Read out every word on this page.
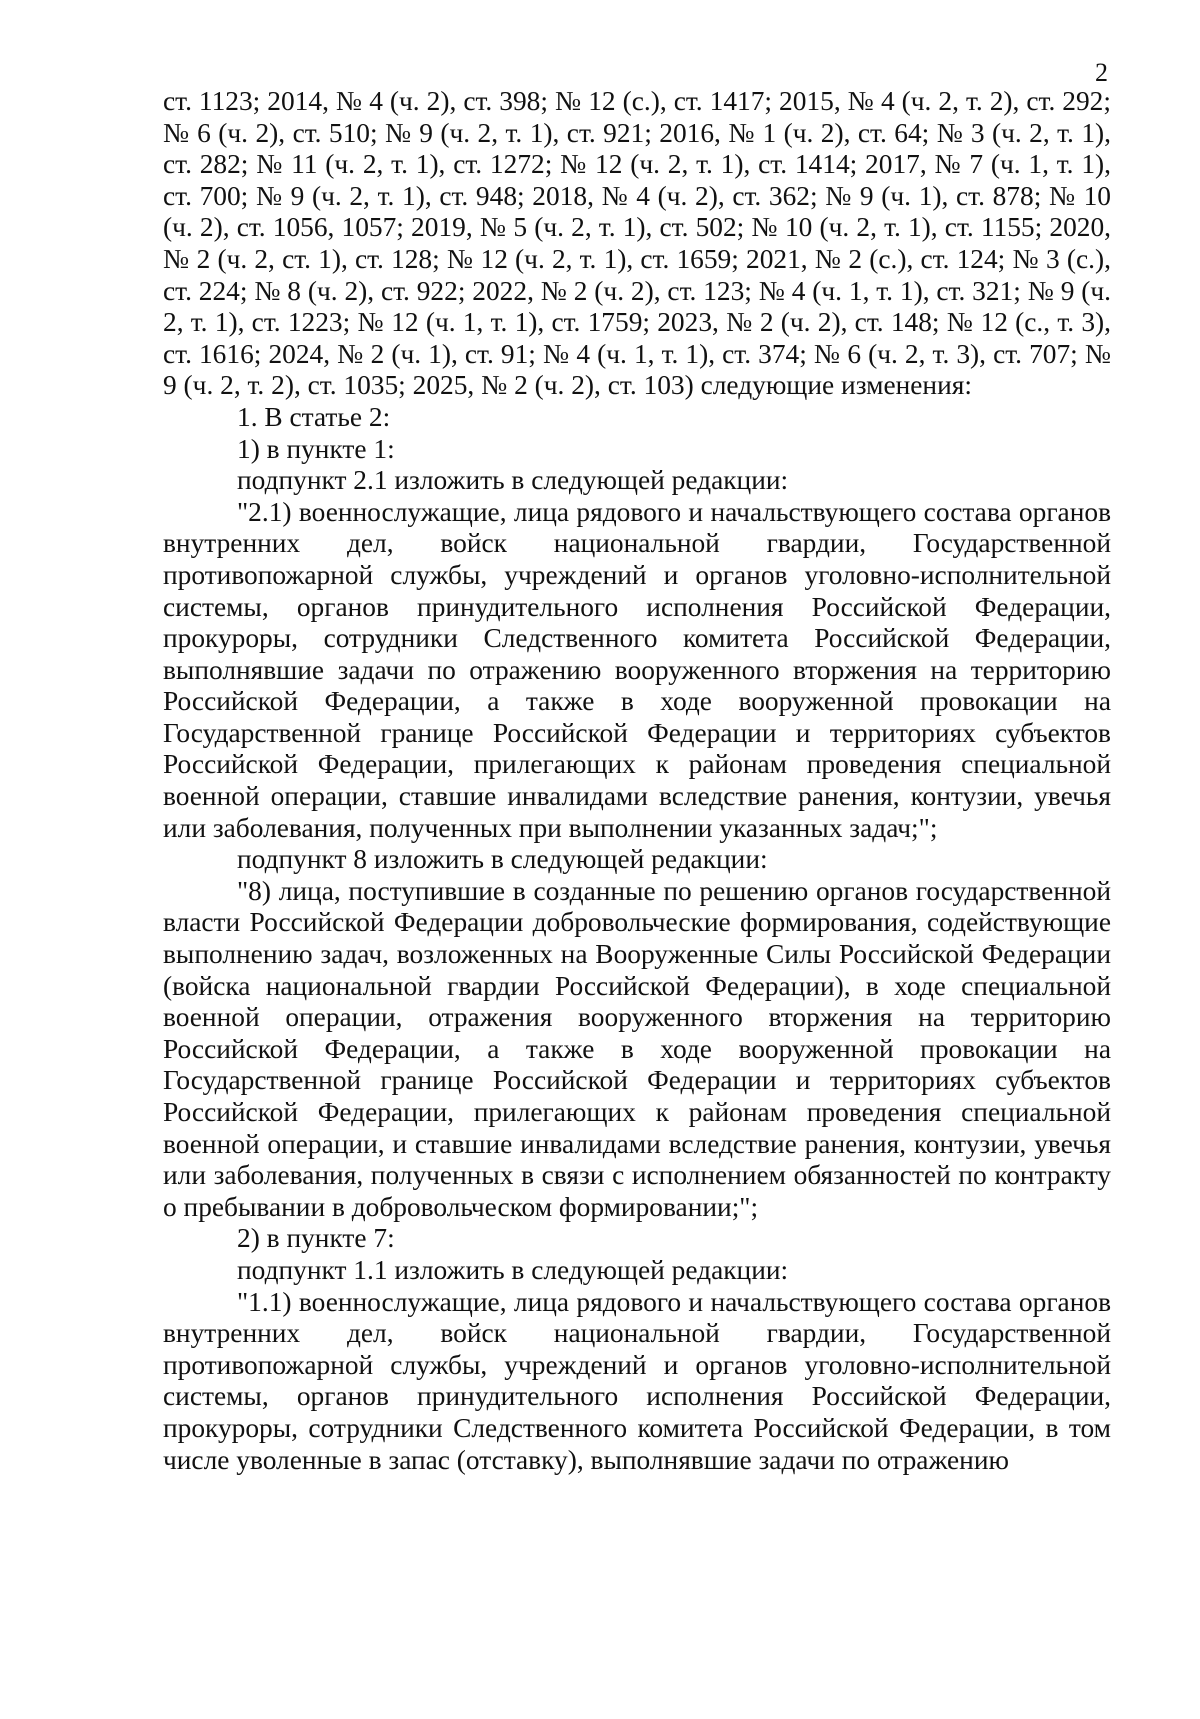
2

ст. 1123; 2014, № 4 (ч. 2), ст. 398; № 12 (с.), ст. 1417; 2015, № 4 (ч. 2, т. 2), ст. 292; № 6 (ч. 2), ст. 510; № 9 (ч. 2, т. 1), ст. 921; 2016, № 1 (ч. 2), ст. 64; № 3 (ч. 2, т. 1), ст. 282; № 11 (ч. 2, т. 1), ст. 1272; № 12 (ч. 2, т. 1), ст. 1414; 2017, № 7 (ч. 1, т. 1), ст. 700; № 9 (ч. 2, т. 1), ст. 948; 2018, № 4 (ч. 2), ст. 362; № 9 (ч. 1), ст. 878; № 10 (ч. 2), ст. 1056, 1057; 2019, № 5 (ч. 2, т. 1), ст. 502; № 10 (ч. 2, т. 1), ст. 1155; 2020, № 2 (ч. 2, ст. 1), ст. 128; № 12 (ч. 2, т. 1), ст. 1659; 2021, № 2 (с.), ст. 124; № 3 (с.), ст. 224; № 8 (ч. 2), ст. 922; 2022, № 2 (ч. 2), ст. 123; № 4 (ч. 1, т. 1), ст. 321; № 9 (ч. 2, т. 1), ст. 1223; № 12 (ч. 1, т. 1), ст. 1759; 2023, № 2 (ч. 2), ст. 148; № 12 (с., т. 3), ст. 1616; 2024, № 2 (ч. 1), ст. 91; № 4 (ч. 1, т. 1), ст. 374; № 6 (ч. 2, т. 3), ст. 707; № 9 (ч. 2, т. 2), ст. 1035; 2025, № 2 (ч. 2), ст. 103) следующие изменения:

1. В статье 2:

1) в пункте 1:

подпункт 2.1 изложить в следующей редакции:

"2.1) военнослужащие, лица рядового и начальствующего состава органов внутренних дел, войск национальной гвардии, Государственной противопожарной службы, учреждений и органов уголовно-исполнительной системы, органов принудительного исполнения Российской Федерации, прокуроры, сотрудники Следственного комитета Российской Федерации, выполнявшие задачи по отражению вооруженного вторжения на территорию Российской Федерации, а также в ходе вооруженной провокации на Государственной границе Российской Федерации и территориях субъектов Российской Федерации, прилегающих к районам проведения специальной военной операции, ставшие инвалидами вследствие ранения, контузии, увечья или заболевания, полученных при выполнении указанных задач;";

подпункт 8 изложить в следующей редакции:

"8) лица, поступившие в созданные по решению органов государственной власти Российской Федерации добровольческие формирования, содействующие выполнению задач, возложенных на Вооруженные Силы Российской Федерации (войска национальной гвардии Российской Федерации), в ходе специальной военной операции, отражения вооруженного вторжения на территорию Российской Федерации, а также в ходе вооруженной провокации на Государственной границе Российской Федерации и территориях субъектов Российской Федерации, прилегающих к районам проведения специальной военной операции, и ставшие инвалидами вследствие ранения, контузии, увечья или заболевания, полученных в связи с исполнением обязанностей по контракту о пребывании в добровольческом формировании;";

2) в пункте 7:

подпункт 1.1 изложить в следующей редакции:

"1.1) военнослужащие, лица рядового и начальствующего состава органов внутренних дел, войск национальной гвардии, Государственной противопожарной службы, учреждений и органов уголовно-исполнительной системы, органов принудительного исполнения Российской Федерации, прокуроры, сотрудники Следственного комитета Российской Федерации, в том числе уволенные в запас (отставку), выполнявшие задачи по отражению
